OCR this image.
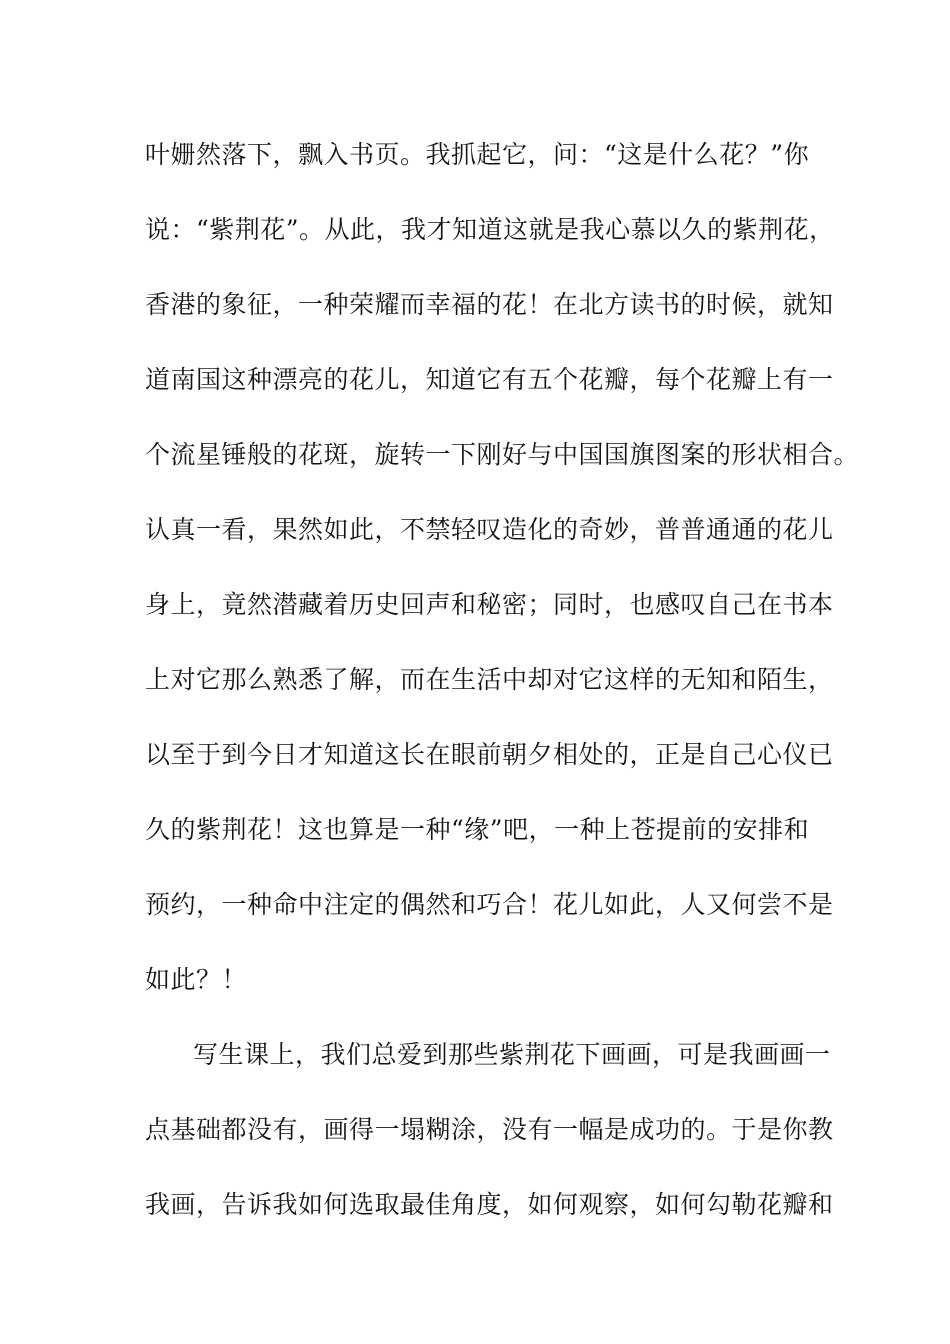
叶姗然落下，飘入书页。我抓起它，问：“这是什么花？”你

说：“紫荆花”。从此，我才知道这就是我心慕以久的紫荆花，

香港的象征，一种荣耀而幸福的花！在北方读书的时候，就知

道南国这种漂亮的花儿，知道它有五个花瓣，每个花瓣上有一

个流星锤般的花斑，旋转一下刚好与中国国旗图案的形状相合。

认真一看，果然如此，不禁轻叹造化的奇妙，普普通通的花儿

身上，竟然潜藏着历史回声和秘密；同时，也感叹自己在书本

上对它那么熟悉了解，而在生活中却对它这样的无知和陌生，

以至于到今日才知道这长在眼前朝夕相处的，正是自己心仪已

久的紫荆花！这也算是一种“缘”吧，一种上苍提前的安排和

预约，一种命中注定的偶然和巧合！花儿如此，人又何尝不是

如此？！

写生课上，我们总爱到那些紫荆花下画画，可是我画画一

点基础都没有，画得一塌糊涂，没有一幅是成功的。于是你教

我画，告诉我如何选取最佳角度，如何观察，如何勾勒花瓣和
